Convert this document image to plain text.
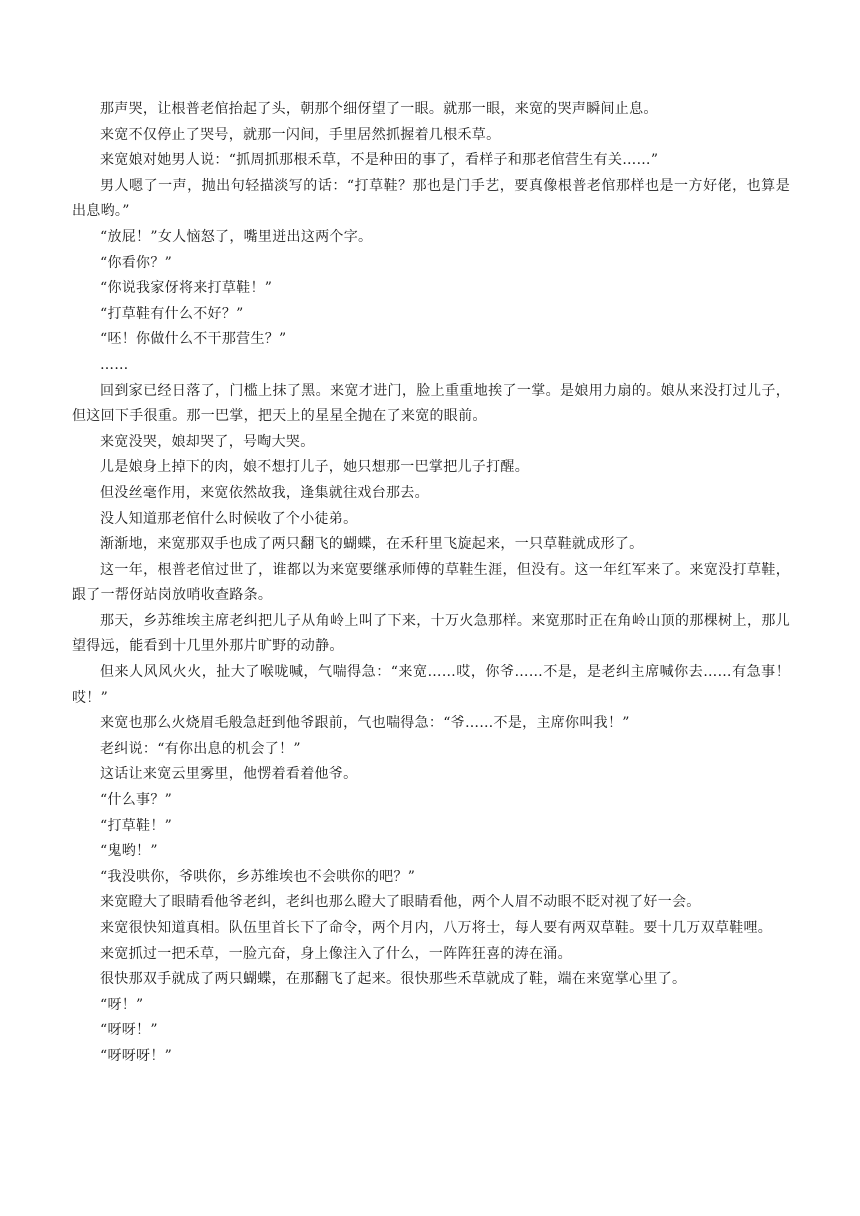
那声哭，让根普老倌抬起了头，朝那个细伢望了一眼。就那一眼，来宽的哭声瞬间止息。

来宽不仅停止了哭号，就那一闪间，手里居然抓握着几根禾草。

来宽娘对她男人说：“抓周抓那根禾草，不是种田的事了，看样子和那老倌营生有关……”

男人嗯了一声，抛出句轻描淡写的话：“打草鞋？那也是门手艺，要真像根普老倌那样也是一方好佬，也算是出息哟。”

“放屁！”女人恼怒了，嘴里迸出这两个字。

“你看你？”

“你说我家伢将来打草鞋！”

“打草鞋有什么不好？”

“呸！你做什么不干那营生？”

……

回到家已经日落了，门槛上抹了黑。来宽才进门，脸上重重地挨了一掌。是娘用力扇的。娘从来没打过儿子，但这回下手很重。那一巴掌，把天上的星星全抛在了来宽的眼前。

来宽没哭，娘却哭了，号啕大哭。

儿是娘身上掉下的肉，娘不想打儿子，她只想那一巴掌把儿子打醒。

但没丝毫作用，来宽依然故我，逢集就往戏台那去。

没人知道那老倌什么时候收了个小徒弟。

渐渐地，来宽那双手也成了两只翻飞的蝴蝶，在禾秆里飞旋起来，一只草鞋就成形了。

这一年，根普老倌过世了，谁都以为来宽要继承师傅的草鞋生涯，但没有。这一年红军来了。来宽没打草鞋，跟了一帮伢站岗放哨收查路条。

那天，乡苏维埃主席老纠把儿子从角岭上叫了下来，十万火急那样。来宽那时正在角岭山顶的那棵树上，那儿望得远，能看到十几里外那片旷野的动静。

但来人风风火火，扯大了喉咙喊，气喘得急：“来宽……哎，你爷……不是，是老纠主席喊你去……有急事！哎！”

来宽也那么火烧眉毛般急赶到他爷跟前，气也喘得急：“爷……不是，主席你叫我！”

老纠说：“有你出息的机会了！”

这话让来宽云里雾里，他愣着看着他爷。

“什么事？”

“打草鞋！”

“鬼哟！”

“我没哄你，爷哄你，乡苏维埃也不会哄你的吧？”

来宽瞪大了眼睛看他爷老纠，老纠也那么瞪大了眼睛看他，两个人眉不动眼不眨对视了好一会。

来宽很快知道真相。队伍里首长下了命令，两个月内，八万将士，每人要有两双草鞋。要十几万双草鞋哩。

来宽抓过一把禾草，一脸亢奋，身上像注入了什么，一阵阵狂喜的涛在涌。

很快那双手就成了两只蝴蝶，在那翻飞了起来。很快那些禾草就成了鞋，端在来宽掌心里了。

“呀！”

“呀呀！”

“呀呀呀！”
